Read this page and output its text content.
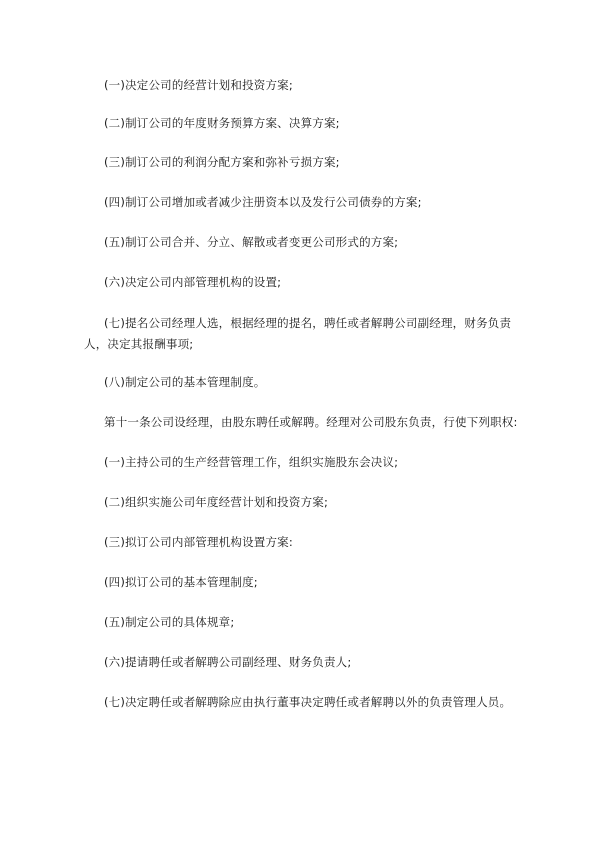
(一)决定公司的经营计划和投资方案;
(二)制订公司的年度财务预算方案、决算方案;
(三)制订公司的利润分配方案和弥补亏损方案;
(四)制订公司增加或者减少注册资本以及发行公司债券的方案;
(五)制订公司合并、分立、解散或者变更公司形式的方案;
(六)决定公司内部管理机构的设置;
(七)提名公司经理人选，根据经理的提名，聘任或者解聘公司副经理，财务负责
人，决定其报酬事项;
(八)制定公司的基本管理制度。
第十一条公司设经理，由股东聘任或解聘。经理对公司股东负责，行使下列职权:
(一)主持公司的生产经营管理工作，组织实施股东会决议;
(二)组织实施公司年度经营计划和投资方案;
(三)拟订公司内部管理机构设置方案:
(四)拟订公司的基本管理制度;
(五)制定公司的具体规章;
(六)提请聘任或者解聘公司副经理、财务负责人;
(七)决定聘任或者解聘除应由执行董事决定聘任或者解聘以外的负责管理人员。
